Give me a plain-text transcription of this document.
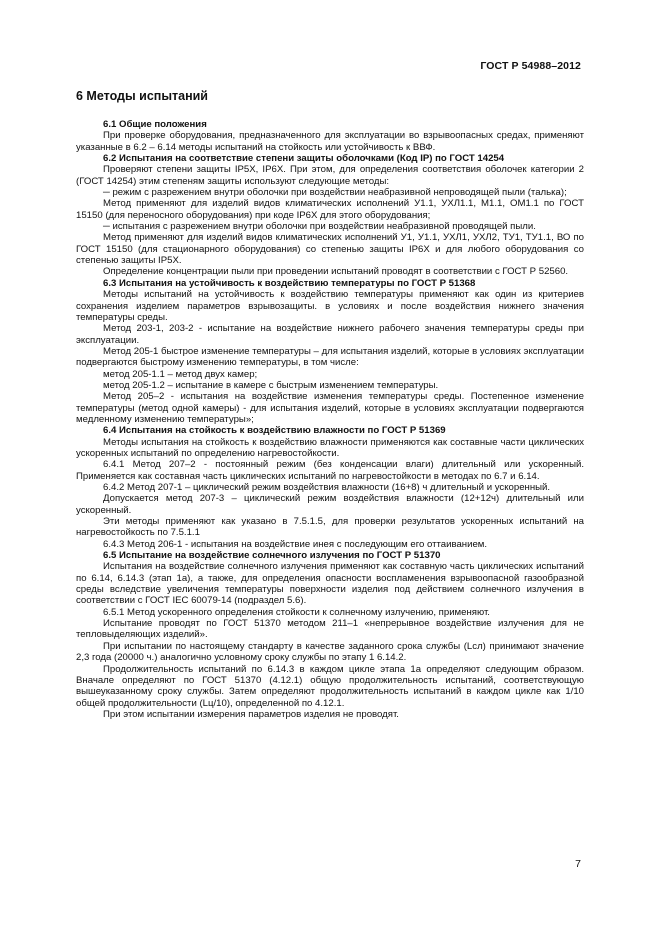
ГОСТ Р 54988–2012
6 Методы испытаний

6.1 Общие положения

При проверке оборудования, предназначенного для эксплуатации во взрывоопасных средах, применяют указанные в 6.2 – 6.14 методы испытаний на стойкость или устойчивость к ВВФ.

6.2 Испытания на соответствие степени защиты оболочками (Код IP) по ГОСТ 14254

Проверяют степени защиты IP5X, IP6X. При этом, для определения соответствия оболочек категории 2 (ГОСТ 14254) этим степеням защиты используют следующие методы:

─ режим с разрежением внутри оболочки при воздействии неабразивной непроводящей пыли (талька);

Метод применяют для изделий видов климатических исполнений У1.1, УХЛ1.1, М1.1, ОМ1.1 по ГОСТ 15150 (для переносного оборудования) при коде IP6X для этого оборудования;

─ испытания с разрежением внутри оболочки при воздействии неабразивной проводящей пыли.

Метод применяют для изделий видов климатических исполнений У1, У1.1, УХЛ1, УХЛ2, ТУ1, ТУ1.1, ВО по ГОСТ 15150 (для стационарного оборудования) со степенью защиты IP6X и для любого оборудования со степенью защиты IP5X.

Определение концентрации пыли при проведении испытаний проводят в соответствии с ГОСТ Р 52560.

6.3 Испытания на устойчивость к воздействию температуры по ГОСТ Р 51368

Методы испытаний на устойчивость к воздействию температуры применяют как один из критериев сохранения изделием параметров взрывозащиты. в условиях и после воздействия нижнего значения температуры среды.

Метод 203-1, 203-2 - испытание на воздействие нижнего рабочего значения температуры среды при эксплуатации.

Метод 205-1 быстрое изменение температуры – для испытания изделий, которые в условиях эксплуатации подвергаются быстрому изменению температуры, в том числе:

метод 205-1.1 – метод двух камер;

метод 205-1.2 – испытание в камере с быстрым изменением температуры.

Метод 205–2 - испытания на воздействие изменения температуры среды. Постепенное изменение температуры (метод одной камеры) - для испытания изделий, которые в условиях эксплуатации подвергаются медленному изменению температуры»;

6.4 Испытания на стойкость к воздействию влажности по ГОСТ Р 51369

Методы испытания на стойкость к воздействию влажности применяются как составные части циклических ускоренных испытаний по определению нагревостойкости.

6.4.1 Метод 207–2 - постоянный режим (без конденсации влаги) длительный или ускоренный. Применяется как составная часть циклических испытаний по нагревостойкости в методах по 6.7 и 6.14.

6.4.2 Метод 207-1 – циклический режим воздействия влажности (16+8) ч длительный и ускоренный.

Допускается метод 207-3 – циклический режим воздействия влажности (12+12ч) длительный или ускоренный.

Эти методы применяют как указано в 7.5.1.5, для проверки результатов ускоренных испытаний на нагревостойкость по 7.5.1.1

6.4.3 Метод 206-1 - испытания на воздействие инея с последующим его оттаиванием.

6.5 Испытание на воздействие солнечного излучения по ГОСТ Р 51370

Испытания на воздействие солнечного излучения применяют как составную часть циклических испытаний по 6.14, 6.14.3 (этап 1а), а также, для определения опасности воспламенения взрывоопасной газообразной среды вследствие увеличения температуры поверхности изделия под действием солнечного излучения в соответствии с ГОСТ IEC 60079-14 (подраздел 5.6).

6.5.1 Метод ускоренного определения стойкости к солнечному излучению, применяют.

Испытание проводят по ГОСТ 51370 методом 211–1 «непрерывное воздействие излучения для не тепловыделяющих изделий».

При испытании по настоящему стандарту в качестве заданного срока службы (Lсл) принимают значение 2,3 года (20000 ч.) аналогично условному сроку службы по этапу 1 6.14.2.

Продолжительность испытаний по 6.14.3 в каждом цикле этапа 1а определяют следующим образом. Вначале определяют по ГОСТ 51370 (4.12.1) общую продолжительность испытаний, соответствующую вышеуказанному сроку службы. Затем определяют продолжительность испытаний в каждом цикле как 1/10 общей продолжительности (Lц/10), определенной по 4.12.1.

При этом испытании измерения параметров изделия не проводят.

7
